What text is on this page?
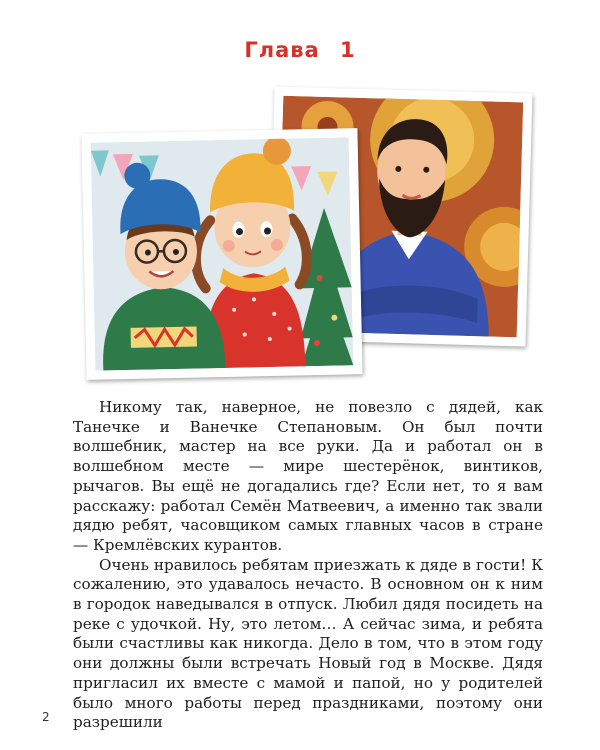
Глава 1

Никому так, наверное, не повезло с дядей, как Танечке и Ванечке Степановым. Он был почти волшебник, мастер на все руки. Да и работал он в волшебном месте — мире шестерёнок, винтиков, рычагов. Вы ещё не догадались где? Если нет, то я вам расскажу: работал Семён Матвеевич, а именно так звали дядю ребят, часовщиком самых главных часов в стране — Кремлёвских курантов.

Очень нравилось ребятам приезжать к дяде в гости! К сожалению, это удавалось нечасто. В основном он к ним в городок наведывался в отпуск. Любил дядя посидеть на реке с удочкой. Ну, это летом… А сейчас зима, и ребята были счастливы как никогда. Дело в том, что в этом году они должны были встречать Новый год в Москве. Дядя пригласил их вместе с мамой и папой, но у родителей было много работы перед праздниками, поэтому они разрешили

2
